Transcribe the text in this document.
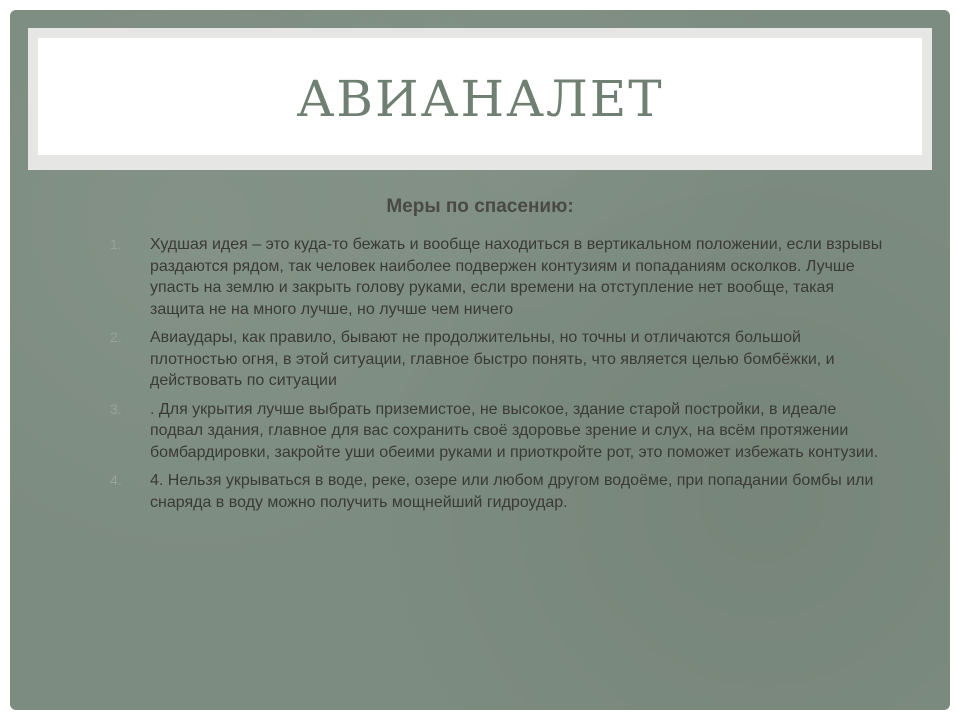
АВИАНАЛЕТ

Меры по спасению:

1. Худшая идея – это куда-то бежать и вообще находиться в вертикальном положении, если взрывы раздаются рядом, так человек наиболее подвержен контузиям и попаданиям осколков. Лучше упасть на землю и закрыть голову руками, если времени на отступление нет вообще, такая защита не на много лучше, но лучше чем ничего
2. Авиаудары, как правило, бывают не продолжительны, но точны и отличаются большой плотностью огня, в этой ситуации, главное быстро понять, что является целью бомбёжки, и действовать по ситуации
3. . Для укрытия лучше выбрать приземистое, не высокое, здание старой постройки, в идеале подвал здания, главное для вас сохранить своё здоровье зрение и слух, на всём протяжении бомбардировки, закройте уши обеими руками и приоткройте рот, это поможет избежать контузии.
4. 4. Нельзя укрываться в воде, реке, озере или любом другом водоёме, при попадании бомбы или снаряда в воду можно получить мощнейший гидроудар.
